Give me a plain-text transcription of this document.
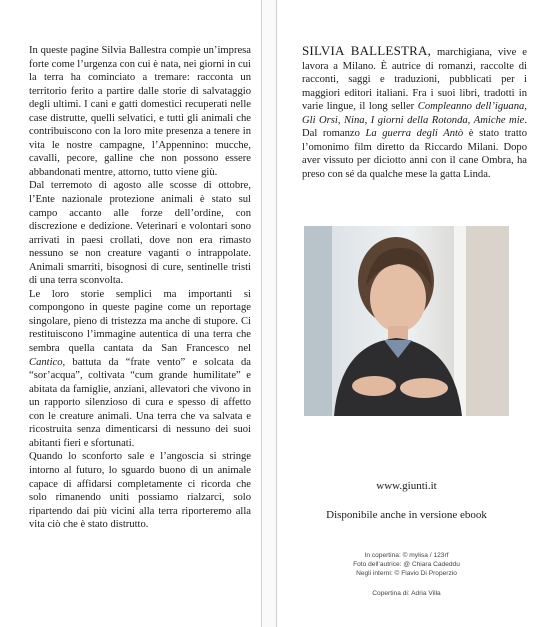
In queste pagine Silvia Ballestra compie un’impresa forte come l’urgenza con cui è nata, nei giorni in cui la terra ha cominciato a tremare: racconta un territorio ferito a partire dalle storie di salvataggio degli ultimi. I cani e gatti domestici recuperati nelle case distrutte, quelli selvatici, e tutti gli animali che contribuiscono con la loro mite presenza a tenere in vita le nostre campagne, l’Appennino: mucche, cavalli, pecore, galline che non possono essere abbandonati mentre, attorno, tutto viene giù.

Dal terremoto di agosto alle scosse di ottobre, l’Ente nazionale protezione animali è stato sul campo accanto alle forze dell’ordine, con discrezione e dedizione. Veterinari e volontari sono arrivati in paesi crollati, dove non era rimasto nessuno se non creature vaganti o intrappolate. Animali smarriti, bisognosi di cure, sentinelle tristi di una terra sconvolta.

Le loro storie semplici ma importanti si compongono in queste pagine come un reportage singolare, pieno di tristezza ma anche di stupore. Ci restituiscono l’immagine autentica di una terra che sembra quella cantata da San Francesco nel Cantico, battuta da “frate vento” e solcata da “sor’acqua”, coltivata “cum grande humilitate” e abitata da famiglie, anziani, allevatori che vivono in un rapporto silenzioso di cura e spesso di affetto con le creature animali. Una terra che va salvata e ricostruita senza dimenticarsi di nessuno dei suoi abitanti fieri e sfortunati.

Quando lo sconforto sale e l’angoscia si stringe intorno al futuro, lo sguardo buono di un animale capace di affidarsi completamente ci ricorda che solo rimanendo uniti possiamo rialzarci, solo ripartendo dai più vicini alla terra riporteremo alla vita ciò che è stato distrutto.

SILVIA BALLESTRA, marchigiana, vive e lavora a Milano. È autrice di romanzi, raccolte di racconti, saggi e traduzioni, pubblicati per i maggiori editori italiani. Fra i suoi libri, tradotti in varie lingue, il long seller Compleanno dell’iguana, Gli Orsi, Nina, I giorni della Rotonda, Amiche mie. Dal romanzo La guerra degli Antò è stato tratto l’omonimo film diretto da Riccardo Milani. Dopo aver vissuto per diciotto anni con il cane Ombra, ha preso con sé da qualche mese la gatta Linda.
www.giunti.it
Disponibile anche in versione ebook
In copertina: © mylisa / 123rf
Foto dell’autrice: @ Chiara Cadeddu
Negli interni: © Flavio Di Properzio
Copertina di: Adria Villa
